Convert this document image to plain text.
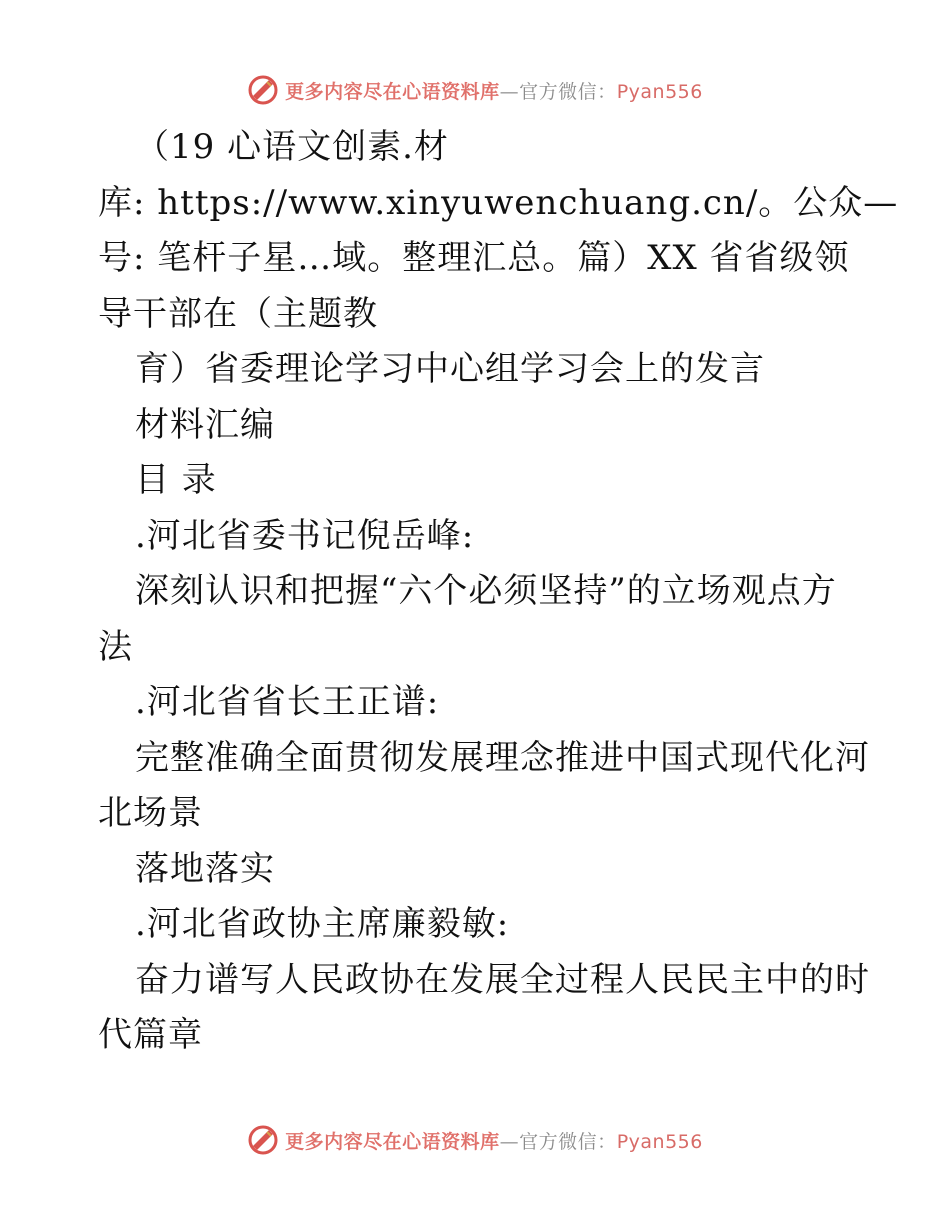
更多内容尽在心语资料库—官方微信：Pyan556
（19 心语文创素.材
库: https://www.xinyuwenchuang.cn/。公众—
号: 笔杆子星…域。整理汇总。篇）XX 省省级领
导干部在（主题教
育）省委理论学习中心组学习会上的发言
材料汇编
目 录
.河北省委书记倪岳峰:
深刻认识和把握“六个必须坚持”的立场观点方
法
.河北省省长王正谱:
完整准确全面贯彻发展理念推进中国式现代化河
北场景
落地落实
.河北省政协主席廉毅敏:
奋力谱写人民政协在发展全过程人民民主中的时
代篇章
更多内容尽在心语资料库—官方微信：Pyan556
